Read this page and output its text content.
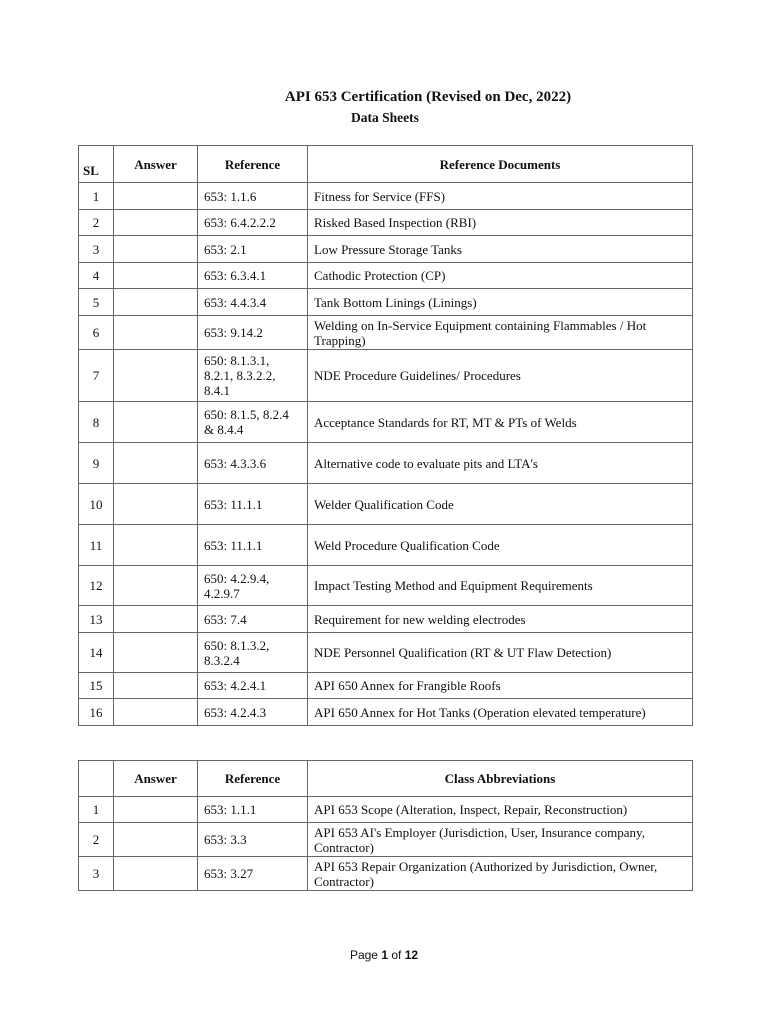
API 653 Certification (Revised on Dec, 2022)
Data Sheets
SL	Answer	Reference	Reference Documents
1		653: 1.1.6	Fitness for Service (FFS)
2		653: 6.4.2.2.2	Risked Based Inspection (RBI)
3		653: 2.1	Low Pressure Storage Tanks
4		653: 6.3.4.1	Cathodic Protection (CP)
5		653: 4.4.3.4	Tank Bottom Linings (Linings)
6		653: 9.14.2	Welding on In-Service Equipment containing Flammables / Hot Trapping)
7		650: 8.1.3.1, 8.2.1, 8.3.2.2, 8.4.1	NDE Procedure Guidelines/ Procedures
8		650: 8.1.5, 8.2.4 & 8.4.4	Acceptance Standards for RT, MT & PTs of Welds
9		653: 4.3.3.6	Alternative code to evaluate pits and LTA's
10		653: 11.1.1	Welder Qualification Code
11		653: 11.1.1	Weld Procedure Qualification Code
12		650: 4.2.9.4, 4.2.9.7	Impact Testing Method and Equipment Requirements
13		653: 7.4	Requirement for new welding electrodes
14		650: 8.1.3.2, 8.3.2.4	NDE Personnel Qualification (RT & UT Flaw Detection)
15		653: 4.2.4.1	API 650 Annex for Frangible Roofs
16		653: 4.2.4.3	API 650 Annex for Hot Tanks (Operation elevated temperature)
	Answer	Reference	Class Abbreviations
1		653: 1.1.1	API 653 Scope (Alteration, Inspect, Repair, Reconstruction)
2		653: 3.3	API 653 AI's Employer (Jurisdiction, User, Insurance company, Contractor)
3		653: 3.27	API 653 Repair Organization (Authorized by Jurisdiction, Owner, Contractor)
Page 1 of 12
